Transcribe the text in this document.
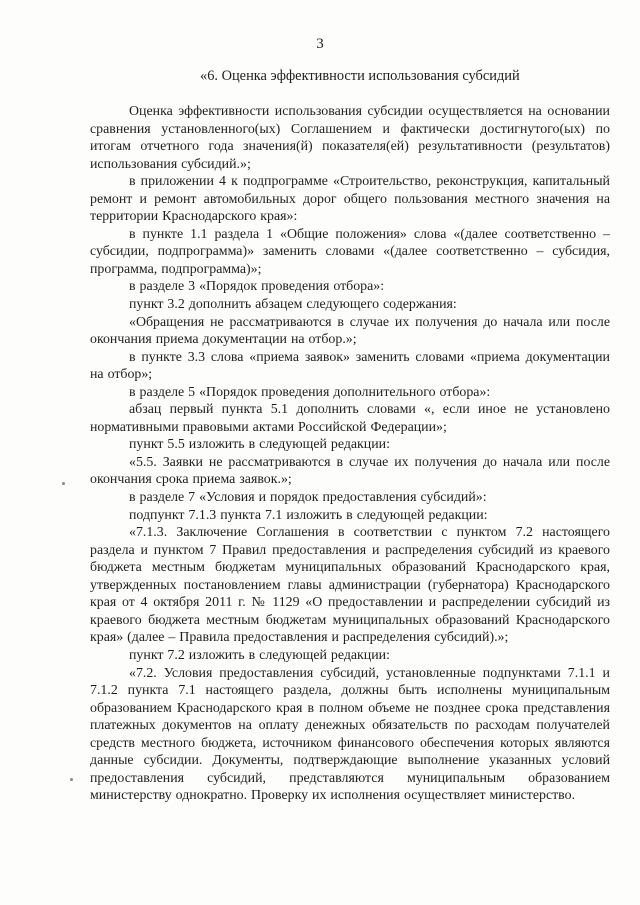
3
«6. Оценка эффективности использования субсидий

Оценка эффективности использования субсидии осуществляется на основании сравнения установленного(ых) Соглашением и фактически достигнутого(ых) по итогам отчетного года значения(й) показателя(ей) результативности (результатов) использования субсидий.»;

в приложении 4 к подпрограмме «Строительство, реконструкция, капитальный ремонт и ремонт автомобильных дорог общего пользования местного значения на территории Краснодарского края»:

в пункте 1.1 раздела 1 «Общие положения» слова «(далее соответственно – субсидии, подпрограмма)» заменить словами «(далее соответственно – субсидия, программа, подпрограмма)»;

в разделе 3 «Порядок проведения отбора»:

пункт 3.2 дополнить абзацем следующего содержания:

«Обращения не рассматриваются в случае их получения до начала или после окончания приема документации на отбор.»;

в пункте 3.3 слова «приема заявок» заменить словами «приема документации на отбор»;

в разделе 5 «Порядок проведения дополнительного отбора»:

абзац первый пункта 5.1 дополнить словами «, если иное не установлено нормативными правовыми актами Российской Федерации»;

пункт 5.5 изложить в следующей редакции:

«5.5. Заявки не рассматриваются в случае их получения до начала или после окончания срока приема заявок.»;

в разделе 7 «Условия и порядок предоставления субсидий»:

подпункт 7.1.3 пункта 7.1 изложить в следующей редакции:

«7.1.3. Заключение Соглашения в соответствии с пунктом 7.2 настоящего раздела и пунктом 7 Правил предоставления и распределения субсидий из краевого бюджета местным бюджетам муниципальных образований Краснодарского края, утвержденных постановлением главы администрации (губернатора) Краснодарского края от 4 октября 2011 г. № 1129 «О предоставлении и распределении субсидий из краевого бюджета местным бюджетам муниципальных образований Краснодарского края» (далее – Правила предоставления и распределения субсидий).»;

пункт 7.2 изложить в следующей редакции:

«7.2. Условия предоставления субсидий, установленные подпунктами 7.1.1 и 7.1.2 пункта 7.1 настоящего раздела, должны быть исполнены муниципальным образованием Краснодарского края в полном объеме не позднее срока представления платежных документов на оплату денежных обязательств по расходам получателей средств местного бюджета, источником финансового обеспечения которых являются данные субсидии. Документы, подтверждающие выполнение указанных условий предоставления субсидий, представляются муниципальным образованием министерству однократно. Проверку их исполнения осуществляет министерство.
